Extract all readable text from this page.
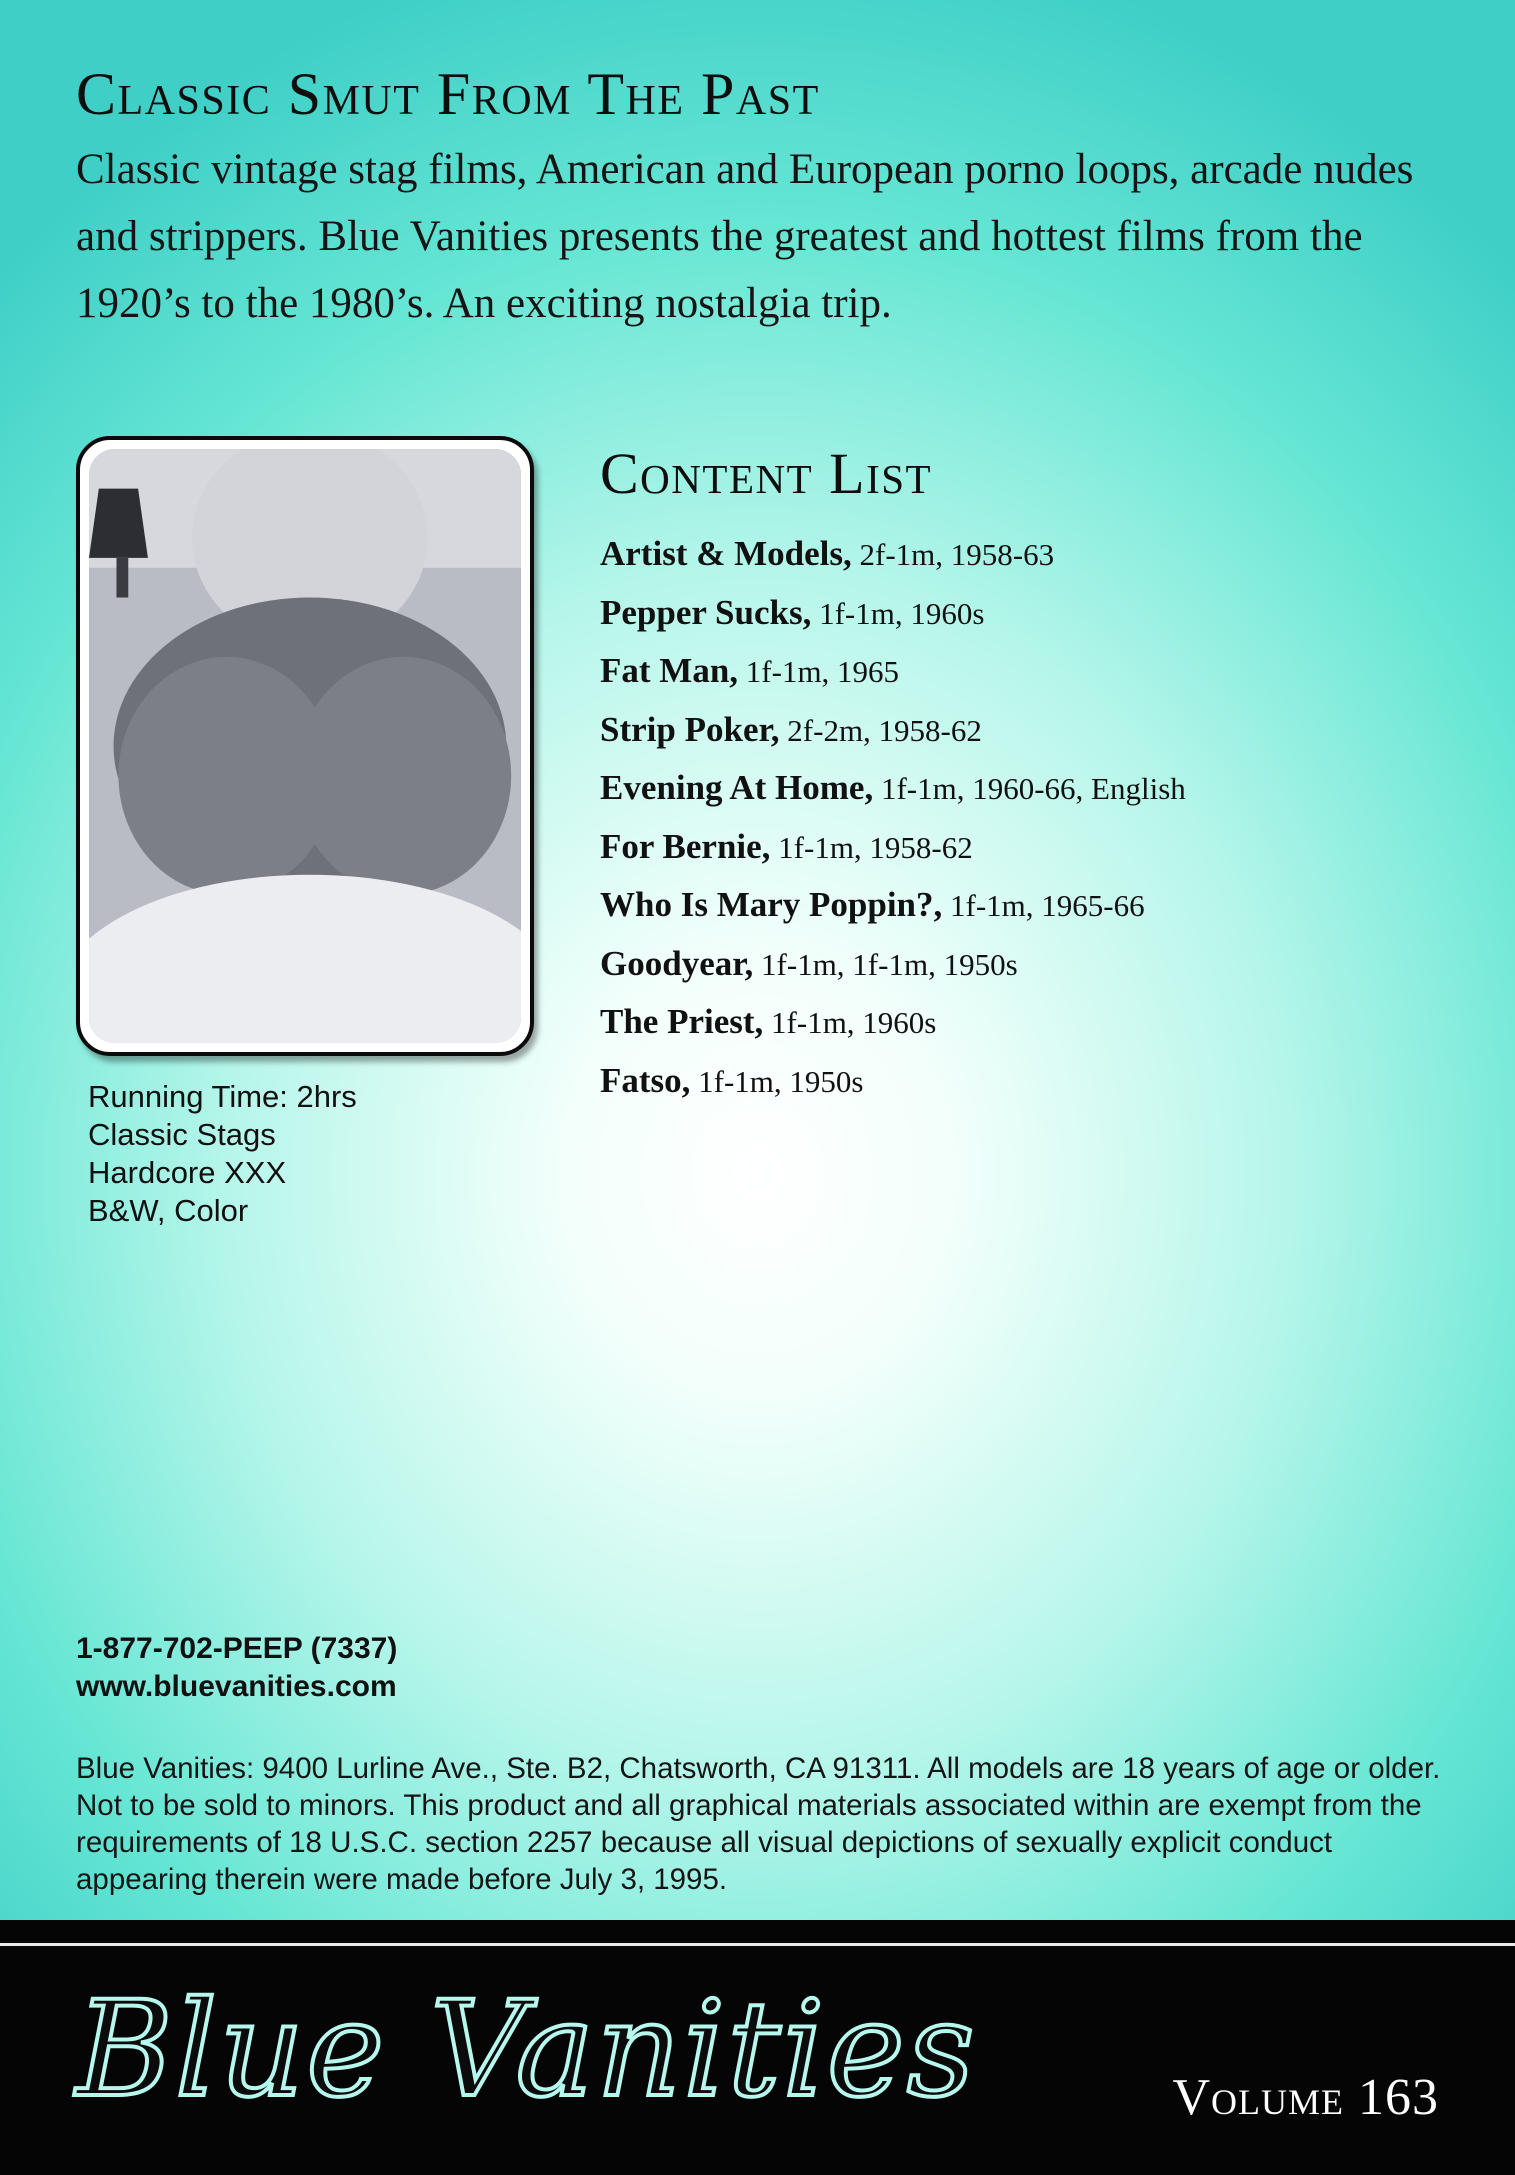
Classic Smut From The Past

Classic vintage stag films, American and European porno loops, arcade nudes and strippers. Blue Vanities presents the greatest and hottest films from the 1920’s to the 1980’s. An exciting nostalgia trip.

Running Time: 2hrs
Classic Stags
Hardcore XXX
B&W, Color
Content List
Artist & Models, 2f-1m, 1958-63
Pepper Sucks, 1f-1m, 1960s
Fat Man, 1f-1m, 1965
Strip Poker, 2f-2m, 1958-62
Evening At Home, 1f-1m, 1960-66, English
For Bernie, 1f-1m, 1958-62
Who Is Mary Poppin?, 1f-1m, 1965-66
Goodyear, 1f-1m, 1f-1m, 1950s
The Priest, 1f-1m, 1960s
Fatso, 1f-1m, 1950s
1-877-702-PEEP (7337)
www.bluevanities.com

Blue Vanities: 9400 Lurline Ave., Ste. B2, Chatsworth, CA 91311. All models are 18 years of age or older. Not to be sold to minors. This product and all graphical materials associated within are exempt from the requirements of 18 U.S.C. section 2257 because all visual depictions of sexually explicit conduct appearing therein were made before July 3, 1995.

Blue Vanities	Volume 163
